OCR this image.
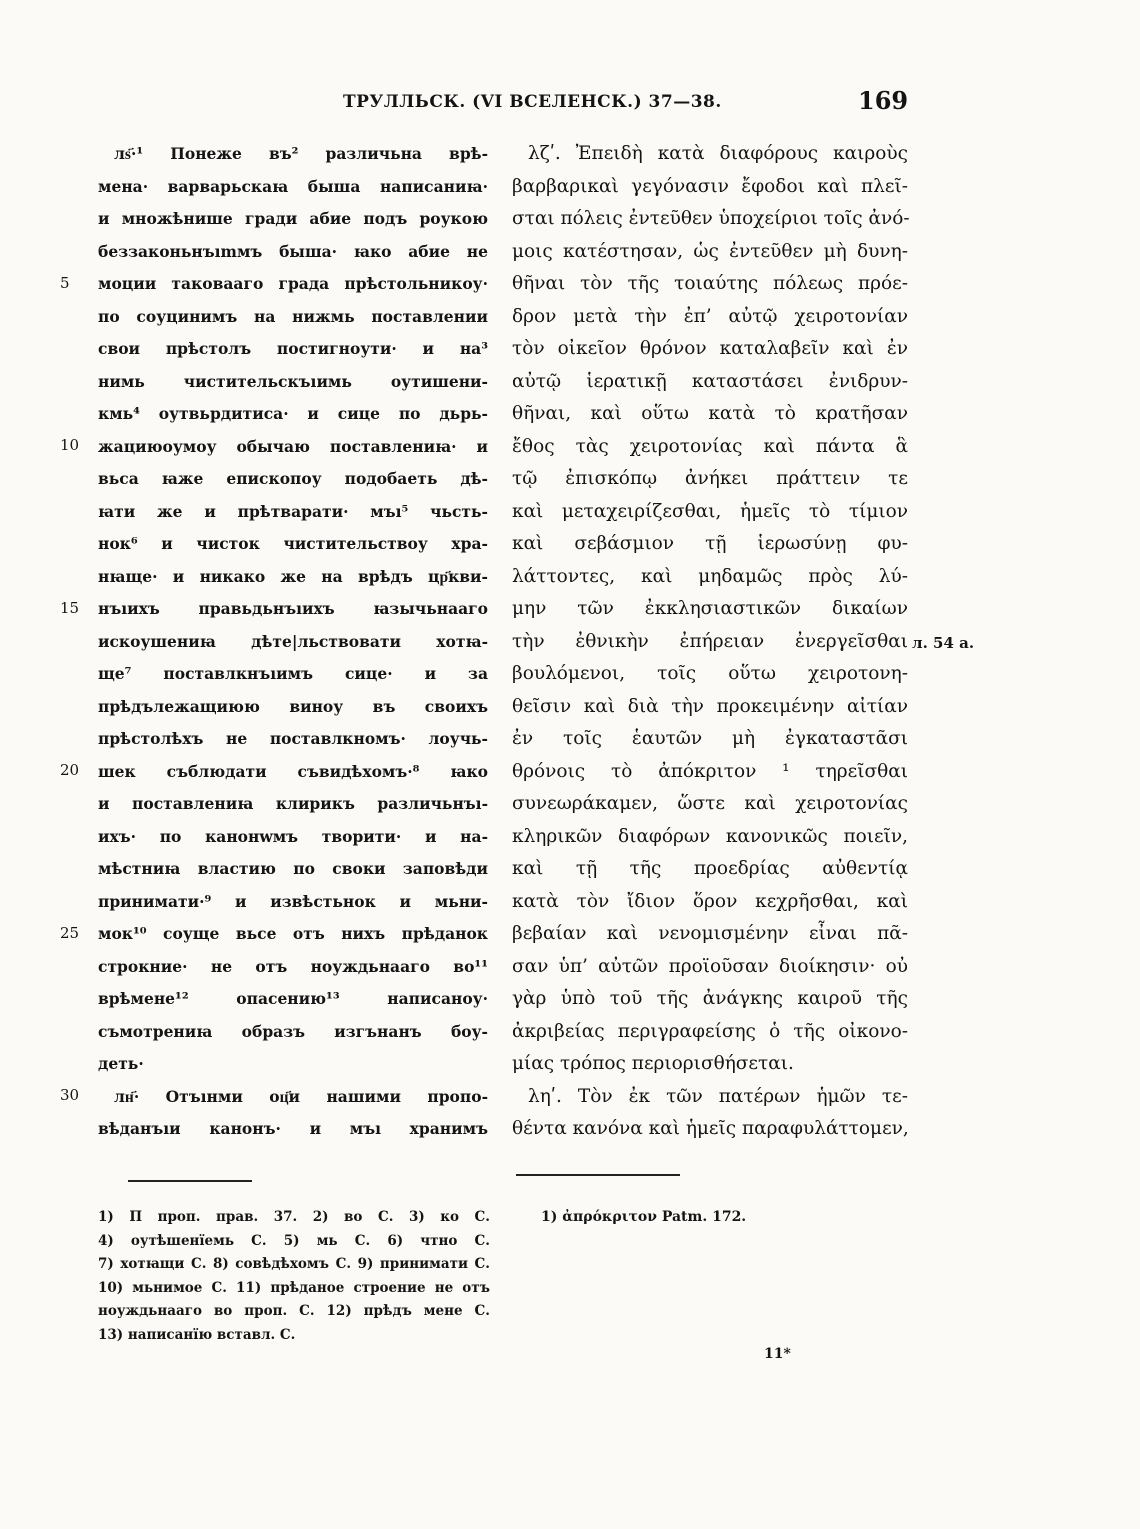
ТРУЛЛЬСК. (VI ВСЕЛЕНСК.) 37—38.	169
5
10
15
20
25
30
лѕ҃·¹ Понеже въ² различьна врѣ-
мена· варварьскаꙗ быша написаниꙗ·
и множѣнише гради абие подъ роукою
беззаконьнъımмъ быша· ꙗко абие не
моции таковааго града прѣстольникоу·
по соуцинимъ на нижмь поставлении
свои прѣстолъ постигноути· и на³
нимь чистительскъıимь оутишени-
кмь⁴ оутвьрдитиса· и сице по дьрь-
жациюоумоу обычаю поставлениꙗ· и
вьса ꙗже епископоу подобаеть дѣ-
ꙗти же и прѣтварати· мъı⁵ чьсть-
нок⁶ и чисток чистительствоу хра-
нꙗще· и никако же на врѣдъ цр҃кви-
нъıихъ правьдьнъıихъ ꙗзычьнааго
искоушениꙗ дѣте|льствовати хотꙗ-
ще⁷ поставлкнъıимъ сице· и за
прѣдълежащиюю виноу въ своихъ
прѣстолѣхъ не поставлкномъ· лоучь-
шек съблюдати съвидѣхомъ·⁸ ꙗко
и поставлениꙗ клирикъ различьнъı-
ихъ· по канонwмъ творити· и на-
мѣстниꙗ властию по своки заповѣди
принимати·⁹ и извѣстьнок и мьни-
мок¹⁰ соуще вьсе отъ нихъ прѣданок
строкние· не отъ ноуждьнааго во¹¹
врѣмене¹² опасению¹³ написаноу·
съмотрениꙗ образъ изгънанъ боу-
деть·
лн҃· Отъıнми оц҃и нашими пропо-
вѣданъıи канонъ· и мъı хранимъ
λζʹ. Ἐπειδὴ κατὰ διαφόρους καιροὺς
βαρβαρικαὶ γεγόνασιν ἔφοδοι καὶ πλεῖ-
σται πόλεις ἐντεῦθεν ὑποχείριοι τοῖς ἀνό-
μοις κατέστησαν, ὡς ἐντεῦθεν μὴ δυνη-
θῆναι τὸν τῆς τοιαύτης πόλεως πρόε-
δρον μετὰ τὴν ἐπ’ αὐτῷ χειροτονίαν
τὸν οἰκεῖον θρόνον καταλαβεῖν καὶ ἐν
αὐτῷ ἱερατικῇ καταστάσει ἐνιδρυν-
θῆναι, καὶ οὕτω κατὰ τὸ κρατῆσαν
ἔθος τὰς χειροτονίας καὶ πάντα ἃ
τῷ ἐπισκόπῳ ἀνήκει πράττειν τε
καὶ μεταχειρίζεσθαι, ἡμεῖς τὸ τίμιον
καὶ σεβάσμιον τῇ ἱερωσύνῃ φυ-
λάττοντες, καὶ μηδαμῶς πρὸς λύ-
μην τῶν ἐκκλησιαστικῶν δικαίων
τὴν ἐθνικὴν ἐπήρειαν ἐνεργεῖσθαι
βουλόμενοι, τοῖς οὕτω χειροτονη-
θεῖσιν καὶ διὰ τὴν προκειμένην αἰτίαν
ἐν τοῖς ἑαυτῶν μὴ ἐγκαταστᾶσι
θρόνοις τὸ ἀπόκριτον ¹ τηρεῖσθαι
συνεωράκαμεν, ὥστε καὶ χειροτονίας
κληρικῶν διαφόρων κανονικῶς ποιεῖν,
καὶ τῇ τῆς προεδρίας αὐθεντίᾳ
κατὰ τὸν ἴδιον ὅρον κεχρῆσθαι, καὶ
βεβαίαν καὶ νενομισμένην εἶναι πᾶ-
σαν ὑπ’ αὐτῶν προϊοῦσαν διοίκησιν· οὐ
γὰρ ὑπὸ τοῦ τῆς ἀνάγκης καιροῦ τῆς
ἀκριβείας περιγραφείσης ὁ τῆς οἰκονο-
μίας τρόπος περιορισθήσεται.
ληʹ. Τὸν ἐκ τῶν πατέρων ἡμῶν τε-
θέντα κανόνα καὶ ἡμεῖς παραφυλάττομεν,
л. 54 а.
1) П проп. прав. 37. 2) во С. 3) ко С.
4) оутѣшенїемь С. 5) мь С. 6) чтно С.
7) хотꙗщи С. 8) совѣдѣхомъ С. 9) принимати С.
10) мьнимое С. 11) прѣданое строение не отъ
ноуждьнааго во проп. С. 12) прѣдъ мене С.
13) написанїю вставл. С.
1) ἀπρόκριτον Patm. 172.
11*
